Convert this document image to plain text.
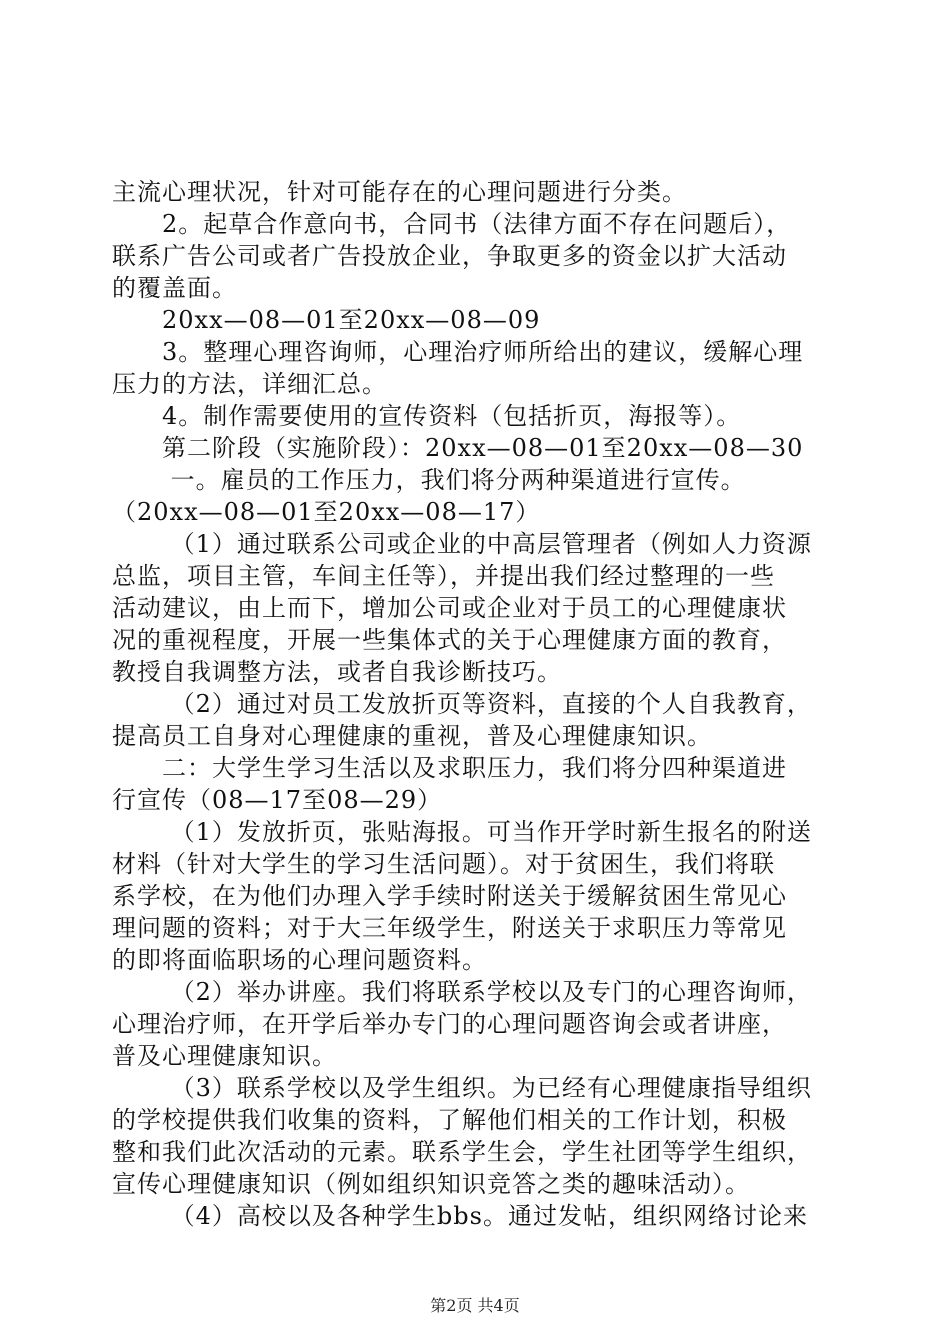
主流心理状况，针对可能存在的心理问题进行分类。
　　2。起草合作意向书，合同书（法律方面不存在问题后），
联系广告公司或者广告投放企业，争取更多的资金以扩大活动
的覆盖面。
　　20xx—08—01至20xx—08—09
　　3。整理心理咨询师，心理治疗师所给出的建议，缓解心理
压力的方法，详细汇总。
　　4。制作需要使用的宣传资料（包括折页，海报等）。
　　第二阶段（实施阶段）：20xx—08—01至20xx—08—30
　　 一。雇员的工作压力，我们将分两种渠道进行宣传。
（20xx—08—01至20xx—08—17）
　　 （1）通过联系公司或企业的中高层管理者（例如人力资源
总监，项目主管，车间主任等），并提出我们经过整理的一些
活动建议，由上而下，增加公司或企业对于员工的心理健康状
况的重视程度，开展一些集体式的关于心理健康方面的教育，
教授自我调整方法，或者自我诊断技巧。
　　 （2）通过对员工发放折页等资料，直接的个人自我教育，
提高员工自身对心理健康的重视，普及心理健康知识。
　　二：大学生学习生活以及求职压力，我们将分四种渠道进
行宣传（08—17至08—29）
　　 （1）发放折页，张贴海报。可当作开学时新生报名的附送
材料（针对大学生的学习生活问题）。对于贫困生，我们将联
系学校，在为他们办理入学手续时附送关于缓解贫困生常见心
理问题的资料；对于大三年级学生，附送关于求职压力等常见
的即将面临职场的心理问题资料。
　　 （2）举办讲座。我们将联系学校以及专门的心理咨询师，
心理治疗师，在开学后举办专门的心理问题咨询会或者讲座，
普及心理健康知识。
　　 （3）联系学校以及学生组织。为已经有心理健康指导组织
的学校提供我们收集的资料，了解他们相关的工作计划，积极
整和我们此次活动的元素。联系学生会，学生社团等学生组织，
宣传心理健康知识（例如组织知识竞答之类的趣味活动）。
　　 （4）高校以及各种学生bbs。通过发帖，组织网络讨论来
第2页 共4页
